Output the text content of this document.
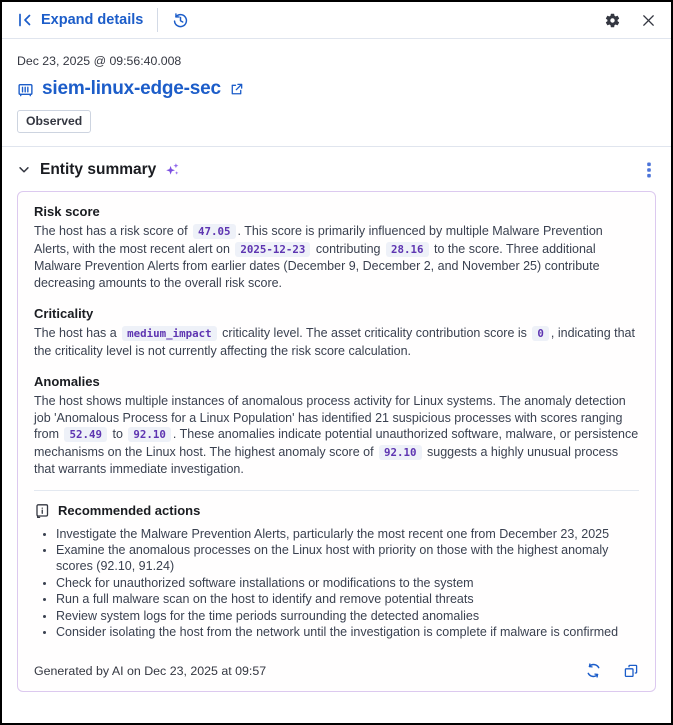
Expand details
Dec 23, 2025 @ 09:56:40.008
siem-linux-edge-sec
Observed
Entity summary
Risk score

The host has a risk score of 47.05 . This score is primarily influenced by multiple Malware Prevention Alerts, with the most recent alert on 2025-12-23 contributing 28.16 to the score. Three additional Malware Prevention Alerts from earlier dates (December 9, December 2, and November 25) contribute decreasing amounts to the overall risk score.

Criticality

The host has a medium_impact criticality level. The asset criticality contribution score is 0 , indicating that the criticality level is not currently affecting the risk score calculation.

Anomalies

The host shows multiple instances of anomalous process activity for Linux systems. The anomaly detection job 'Anomalous Process for a Linux Population' has identified 21 suspicious processes with scores ranging from 52.49 to 92.10 . These anomalies indicate potential unauthorized software, malware, or persistence mechanisms on the Linux host. The highest anomaly score of 92.10 suggests a highly unusual process that warrants immediate investigation.

Recommended actions
• Investigate the Malware Prevention Alerts, particularly the most recent one from December 23, 2025
• Examine the anomalous processes on the Linux host with priority on those with the highest anomaly scores (92.10, 91.24)
• Check for unauthorized software installations or modifications to the system
• Run a full malware scan on the host to identify and remove potential threats
• Review system logs for the time periods surrounding the detected anomalies
• Consider isolating the host from the network until the investigation is complete if malware is confirmed
Generated by AI on Dec 23, 2025 at 09:57
